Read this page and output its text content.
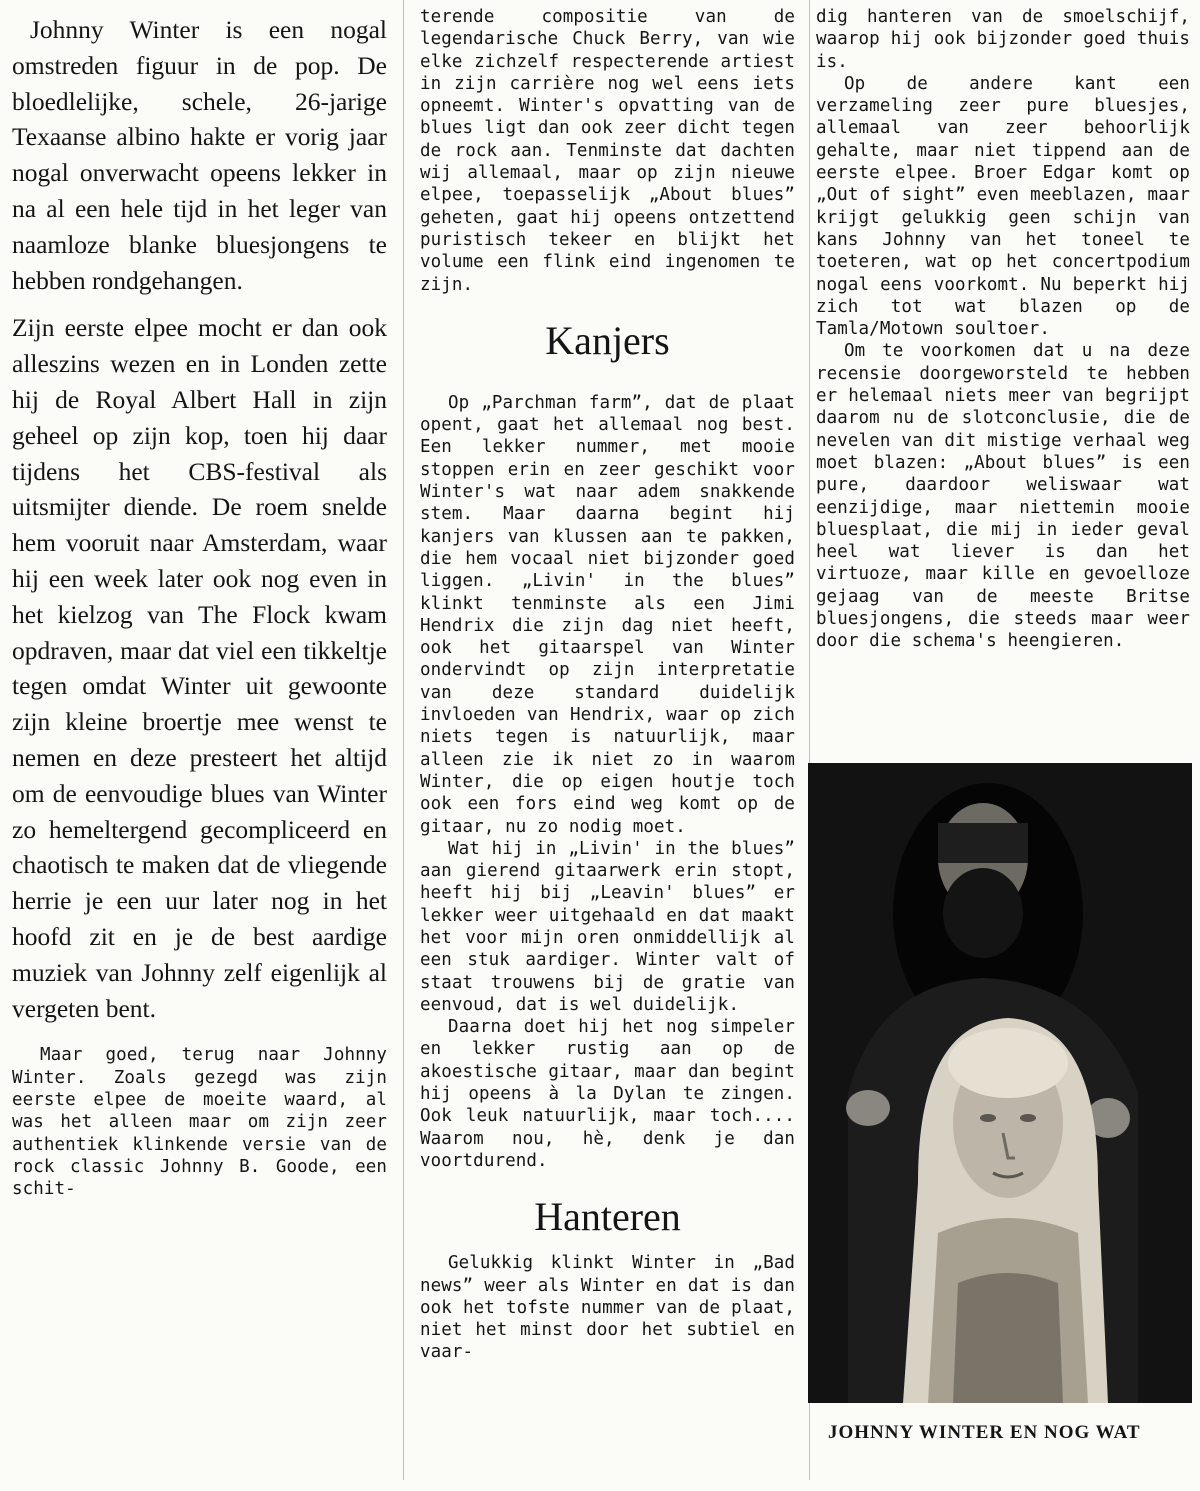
Johnny Winter is een nogal omstreden figuur in de pop. De bloedlelijke, schele, 26-jarige Texaanse albino hakte er vorig jaar nogal onverwacht opeens lekker in na al een hele tijd in het leger van naamloze blanke bluesjongens te hebben rondgehangen.

Zijn eerste elpee mocht er dan ook alleszins wezen en in Londen zette hij de Royal Albert Hall in zijn geheel op zijn kop, toen hij daar tijdens het CBS-festival als uitsmijter diende. De roem snelde hem vooruit naar Amsterdam, waar hij een week later ook nog even in het kielzog van The Flock kwam opdraven, maar dat viel een tikkeltje tegen omdat Winter uit gewoonte zijn kleine broertje mee wenst te nemen en deze presteert het altijd om de eenvoudige blues van Winter zo hemeltergend gecompliceerd en chaotisch te maken dat de vliegende herrie je een uur later nog in het hoofd zit en je de best aardige muziek van Johnny zelf eigenlijk al vergeten bent.

Maar goed, terug naar Johnny Winter. Zoals gezegd was zijn eerste elpee de moeite waard, al was het alleen maar om zijn zeer authentiek klinkende versie van de rock classic Johnny B. Goode, een schit-

terende compositie van de legendarische Chuck Berry, van wie elke zichzelf respecterende artiest in zijn carrière nog wel eens iets opneemt. Winter's opvatting van de blues ligt dan ook zeer dicht tegen de rock aan. Tenminste dat dachten wij allemaal, maar op zijn nieuwe elpee, toepasselijk „About blues” geheten, gaat hij opeens ontzettend puristisch tekeer en blijkt het volume een flink eind ingenomen te zijn.

Kanjers

Op „Parchman farm”, dat de plaat opent, gaat het allemaal nog best. Een lekker nummer, met mooie stoppen erin en zeer geschikt voor Winter's wat naar adem snakkende stem. Maar daarna begint hij kanjers van klussen aan te pakken, die hem vocaal niet bijzonder goed liggen. „Livin' in the blues” klinkt tenminste als een Jimi Hendrix die zijn dag niet heeft, ook het gitaarspel van Winter ondervindt op zijn interpretatie van deze standard duidelijk invloeden van Hendrix, waar op zich niets tegen is natuurlijk, maar alleen zie ik niet zo in waarom Winter, die op eigen houtje toch ook een fors eind weg komt op de gitaar, nu zo nodig moet.

Wat hij in „Livin' in the blues” aan gierend gitaarwerk erin stopt, heeft hij bij „Leavin' blues” er lekker weer uitgehaald en dat maakt het voor mijn oren onmiddellijk al een stuk aardiger. Winter valt of staat trouwens bij de gratie van eenvoud, dat is wel duidelijk.

Daarna doet hij het nog simpeler en lekker rustig aan op de akoestische gitaar, maar dan begint hij opeens à la Dylan te zingen. Ook leuk natuurlijk, maar toch.... Waarom nou, hè, denk je dan voortdurend.

Hanteren

Gelukkig klinkt Winter in „Bad news” weer als Winter en dat is dan ook het tofste nummer van de plaat, niet het minst door het subtiel en vaar-

dig hanteren van de smoelschijf, waarop hij ook bijzonder goed thuis is.

Op de andere kant een verzameling zeer pure bluesjes, allemaal van zeer behoorlijk gehalte, maar niet tippend aan de eerste elpee. Broer Edgar komt op „Out of sight” even meeblazen, maar krijgt gelukkig geen schijn van kans Johnny van het toneel te toeteren, wat op het concertpodium nogal eens voorkomt. Nu beperkt hij zich tot wat blazen op de Tamla/Motown soultoer.

Om te voorkomen dat u na deze recensie doorgeworsteld te hebben er helemaal niets meer van begrijpt daarom nu de slotconclusie, die de nevelen van dit mistige verhaal weg moet blazen: „About blues” is een pure, daardoor weliswaar wat eenzijdige, maar niettemin mooie bluesplaat, die mij in ieder geval heel wat liever is dan het virtuoze, maar kille en gevoelloze gejaag van de meeste Britse bluesjongens, die steeds maar weer door die schema's heengieren.

JOHNNY WINTER EN NOG WAT
